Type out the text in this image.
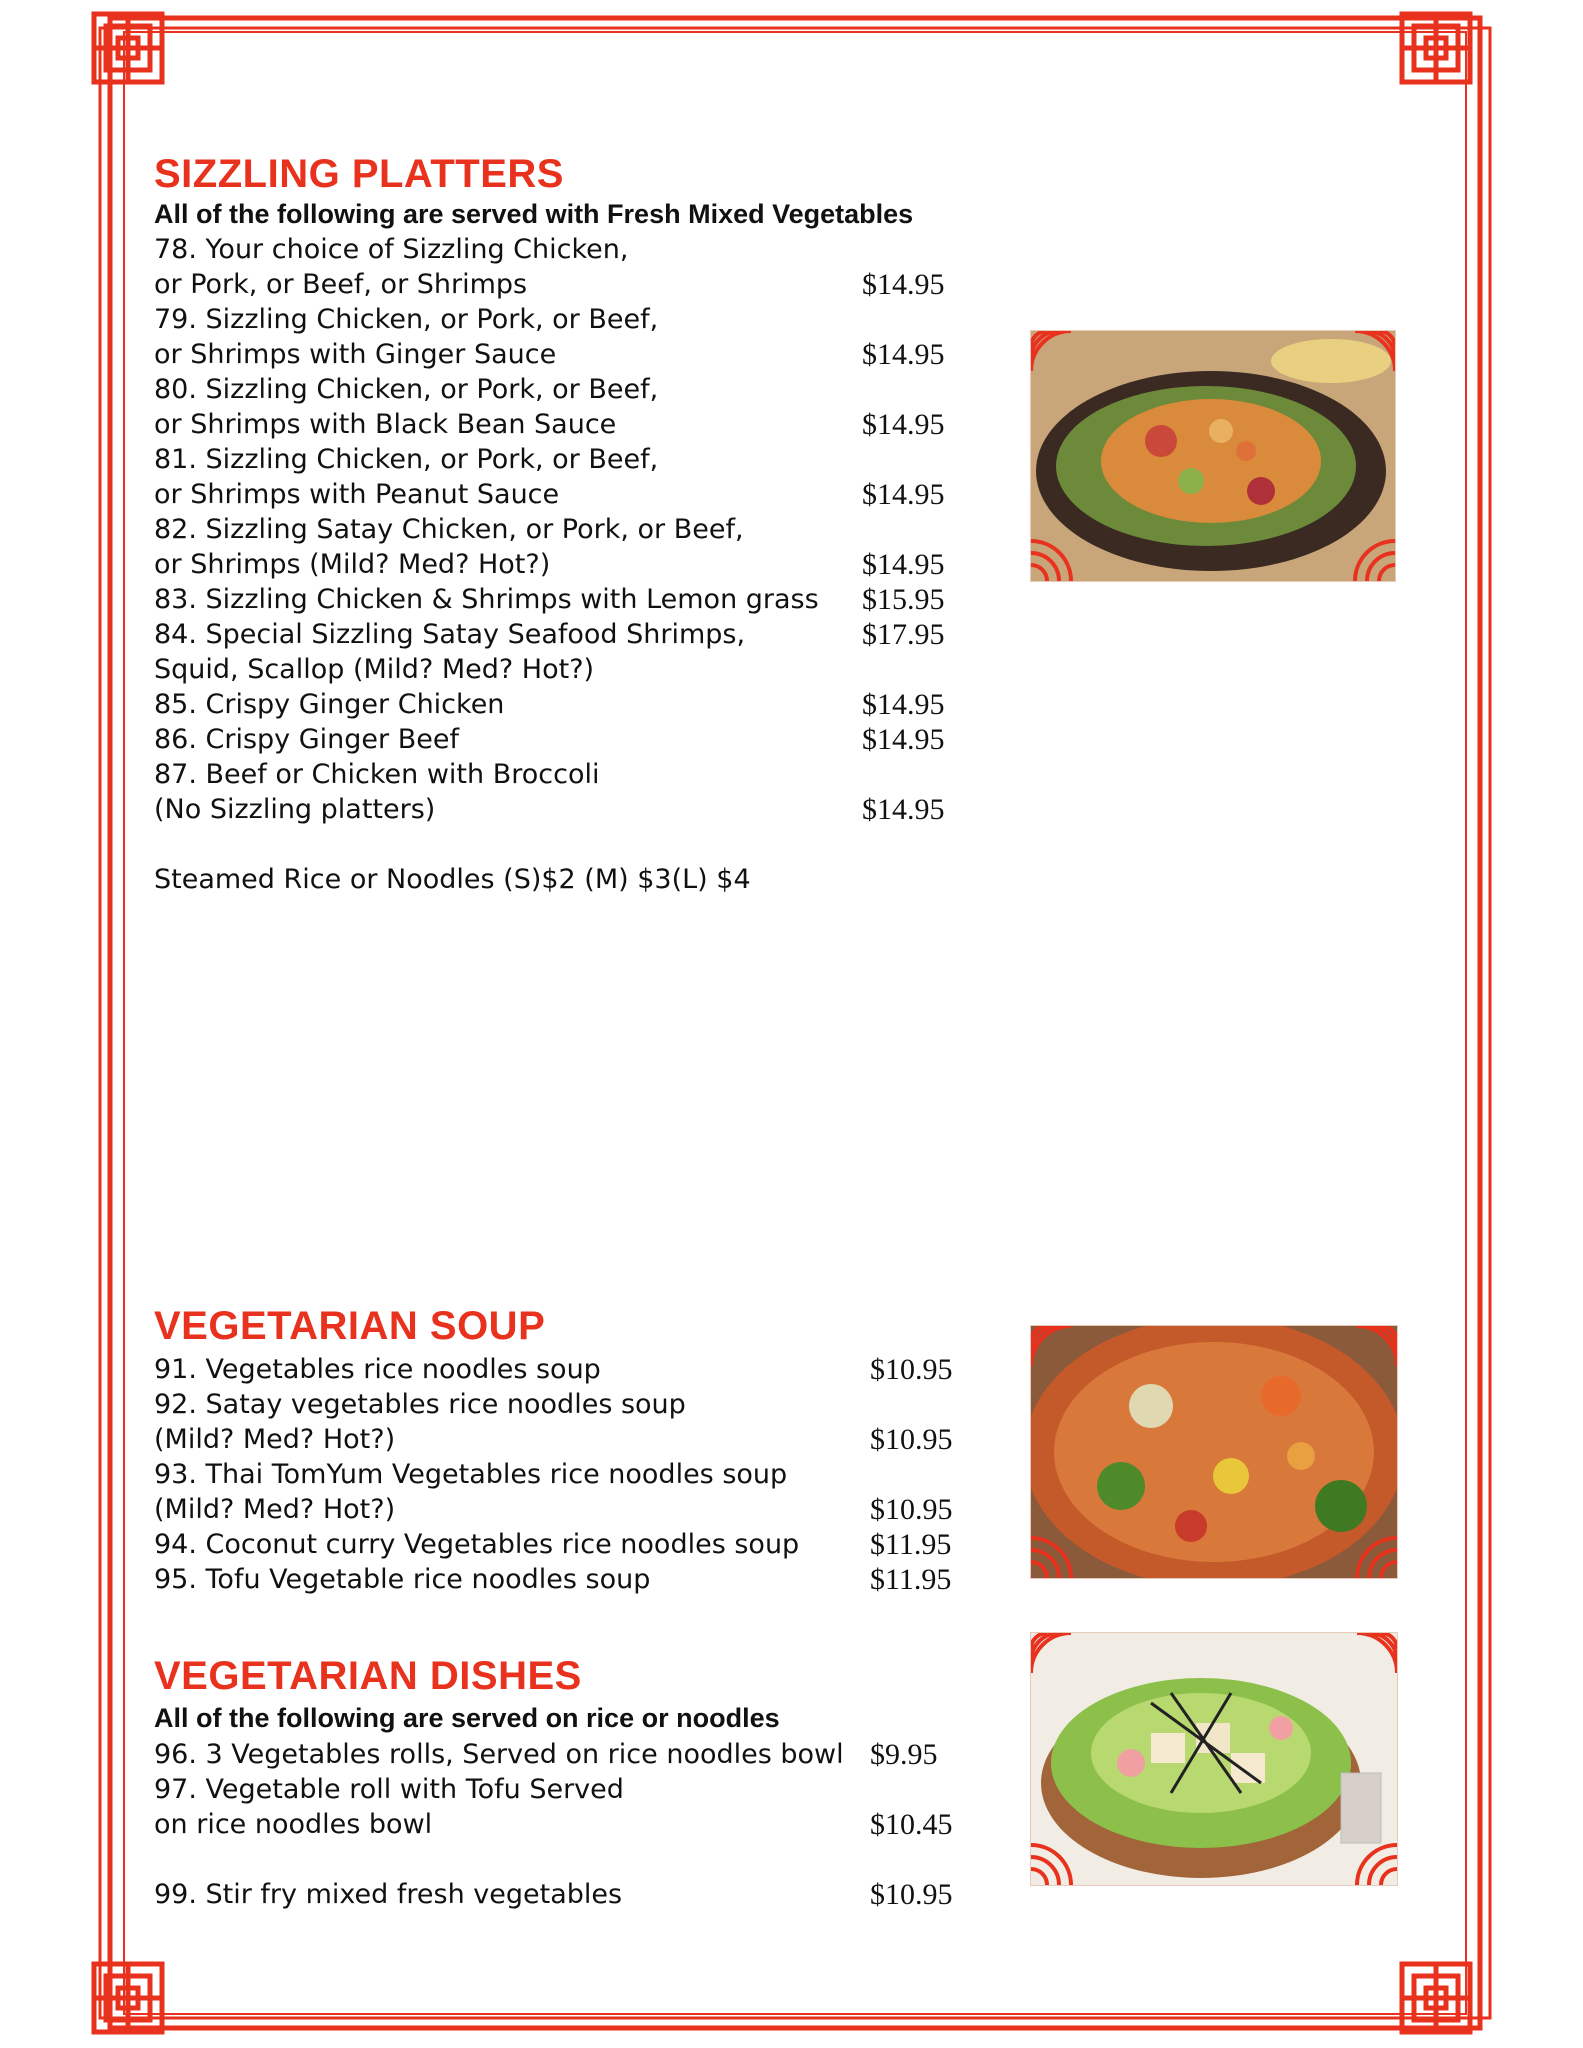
SIZZLING PLATTERS
All of the following are served with Fresh Mixed Vegetables
78. Your choice of Sizzling Chicken,
or Pork, or Beef, or Shrimps	$14.95
79. Sizzling Chicken, or Pork, or Beef,
or Shrimps with Ginger Sauce	$14.95
80. Sizzling Chicken, or Pork, or Beef,
or Shrimps with Black Bean Sauce	$14.95
81. Sizzling Chicken, or Pork, or Beef,
or Shrimps with Peanut Sauce	$14.95
82. Sizzling Satay Chicken, or Pork, or Beef,
or Shrimps (Mild? Med? Hot?)	$14.95
83. Sizzling Chicken & Shrimps with Lemon grass $15.95
84. Special Sizzling Satay Seafood Shrimps,	$17.95
Squid, Scallop (Mild? Med? Hot?)
85. Crispy Ginger Chicken	$14.95
86. Crispy Ginger Beef	$14.95
87. Beef or Chicken with Broccoli
(No Sizzling platters)	$14.95
Steamed Rice or Noodles (S)$2 (M) $3(L) $4
VEGETARIAN SOUP
91. Vegetables rice noodles soup	$10.95
92. Satay vegetables rice noodles soup
(Mild? Med? Hot?)	$10.95
93. Thai TomYum Vegetables rice noodles soup
(Mild? Med? Hot?)	$10.95
94. Coconut curry Vegetables rice noodles soup $11.95
95. Tofu Vegetable rice noodles soup	$11.95
VEGETARIAN DISHES
All of the following are served on rice or noodles
96. 3 Vegetables rolls, Served on rice noodles bowl $9.95
97. Vegetable roll with Tofu Served
on rice noodles bowl	$10.45
99. Stir fry mixed fresh vegetables	$10.95
